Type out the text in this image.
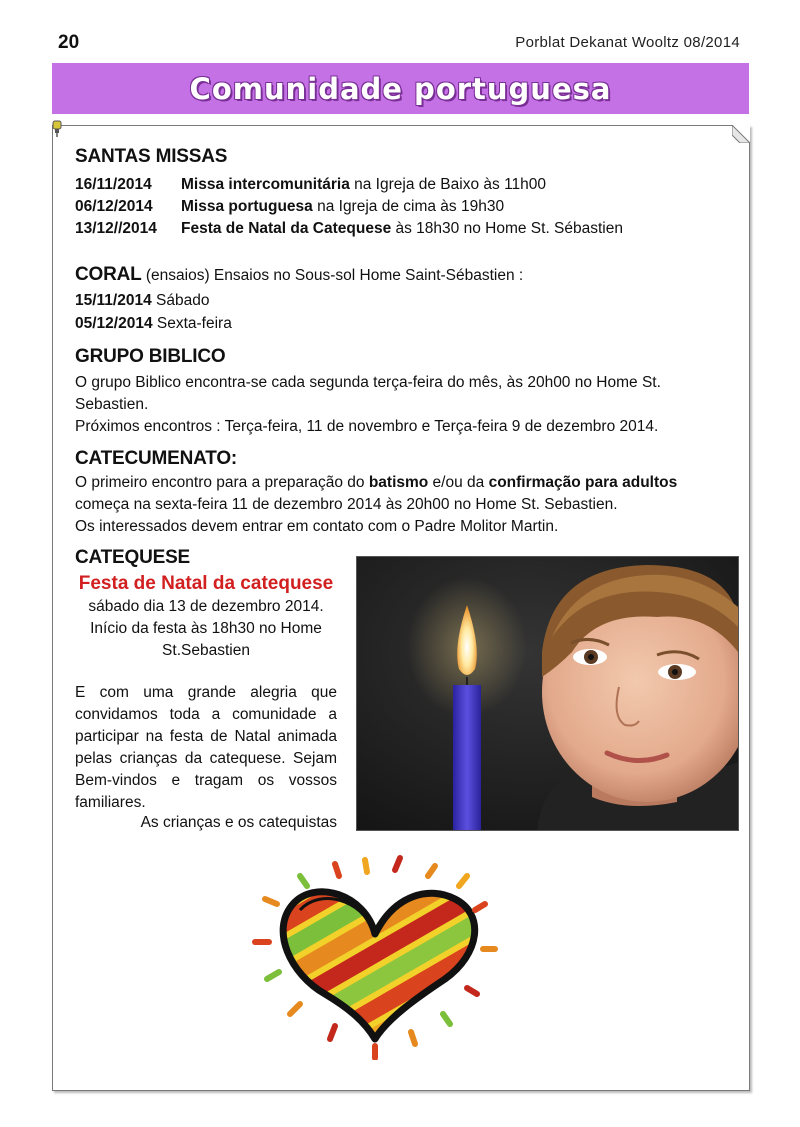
20	Porblat Dekanat Wooltz 08/2014
Comunidade portuguesa
SANTAS MISSAS
16/11/2014 Missa intercomunitária na Igreja de Baixo às 11h00
06/12/2014 Missa portuguesa na Igreja de cima às 19h30
13/12//2014 Festa de Natal da Catequese às 18h30 no Home St. Sébastien
CORAL (ensaios) Ensaios no Sous-sol Home Saint-Sébastien :
15/11/2014 Sábado
05/12/2014 Sexta-feira
GRUPO BIBLICO
O grupo Biblico encontra-se cada segunda terça-feira do mês, às 20h00 no Home St. Sebastien.
Próximos encontros : Terça-feira, 11 de novembro e Terça-feira 9 de dezembro 2014.
CATECUMENATO:
O primeiro encontro para a preparação do batismo e/ou da confirmação para adultos começa na sexta-feira 11 de dezembro 2014 às 20h00 no Home St. Sebastien.
Os interessados devem entrar em contato com o Padre Molitor Martin.
CATEQUESE
Festa de Natal da catequese
sábado dia 13 de dezembro 2014.
Início da festa às 18h30 no Home St.Sebastien
E com uma grande alegria que convidamos toda a comunidade a participar na festa de Natal animada pelas crianças da catequese. Sejam Bem-vindos e tragam os vossos familiares.
As crianças e os catequistas
